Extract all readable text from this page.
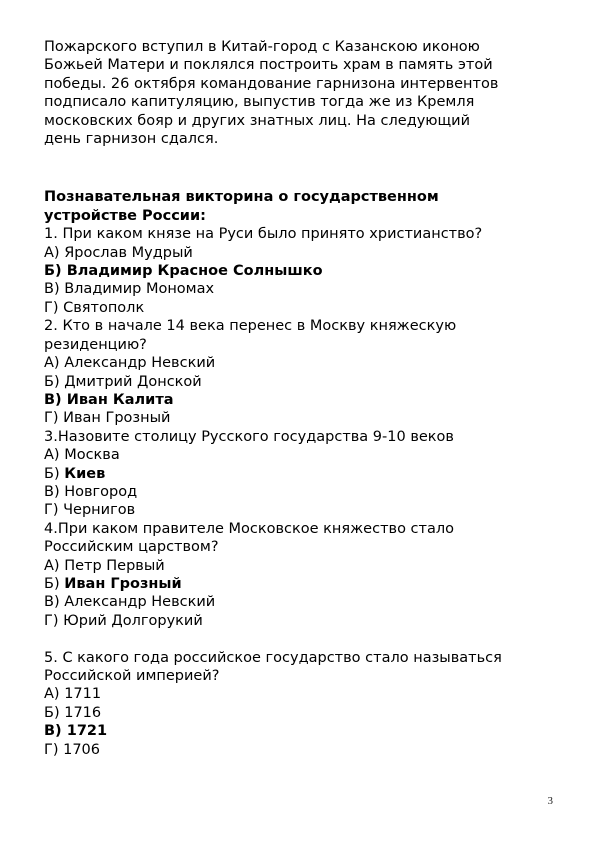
Пожарского вступил в Китай-город с Казанскою иконою
Божьей Матери и поклялся построить храм в память этой
победы. 26 октября командование гарнизона интервентов
подписало капитуляцию, выпустив тогда же из Кремля
московских бояр и других знатных лиц. На следующий
день гарнизон сдался.
Познавательная викторина о государственном
устройстве России:
1. При каком князе на Руси было принято христианство?
А) Ярослав Мудрый
Б) Владимир Красное Солнышко
В) Владимир Мономах
Г) Святополк
2. Кто в начале 14 века перенес в Москву княжескую
резиденцию?
А) Александр Невский
Б) Дмитрий Донской
В) Иван Калита
Г) Иван Грозный
3.Назовите столицу Русского государства 9-10 веков
А) Москва
Б) Киев
В) Новгород
Г) Чернигов
4.При каком правителе Московское княжество стало
Российским царством?
А) Петр Первый
Б) Иван Грозный
В) Александр Невский
Г) Юрий Долгорукий
5. С какого года российское государство стало называться
Российской империей?
А) 1711
Б) 1716
В) 1721
Г) 1706
3
